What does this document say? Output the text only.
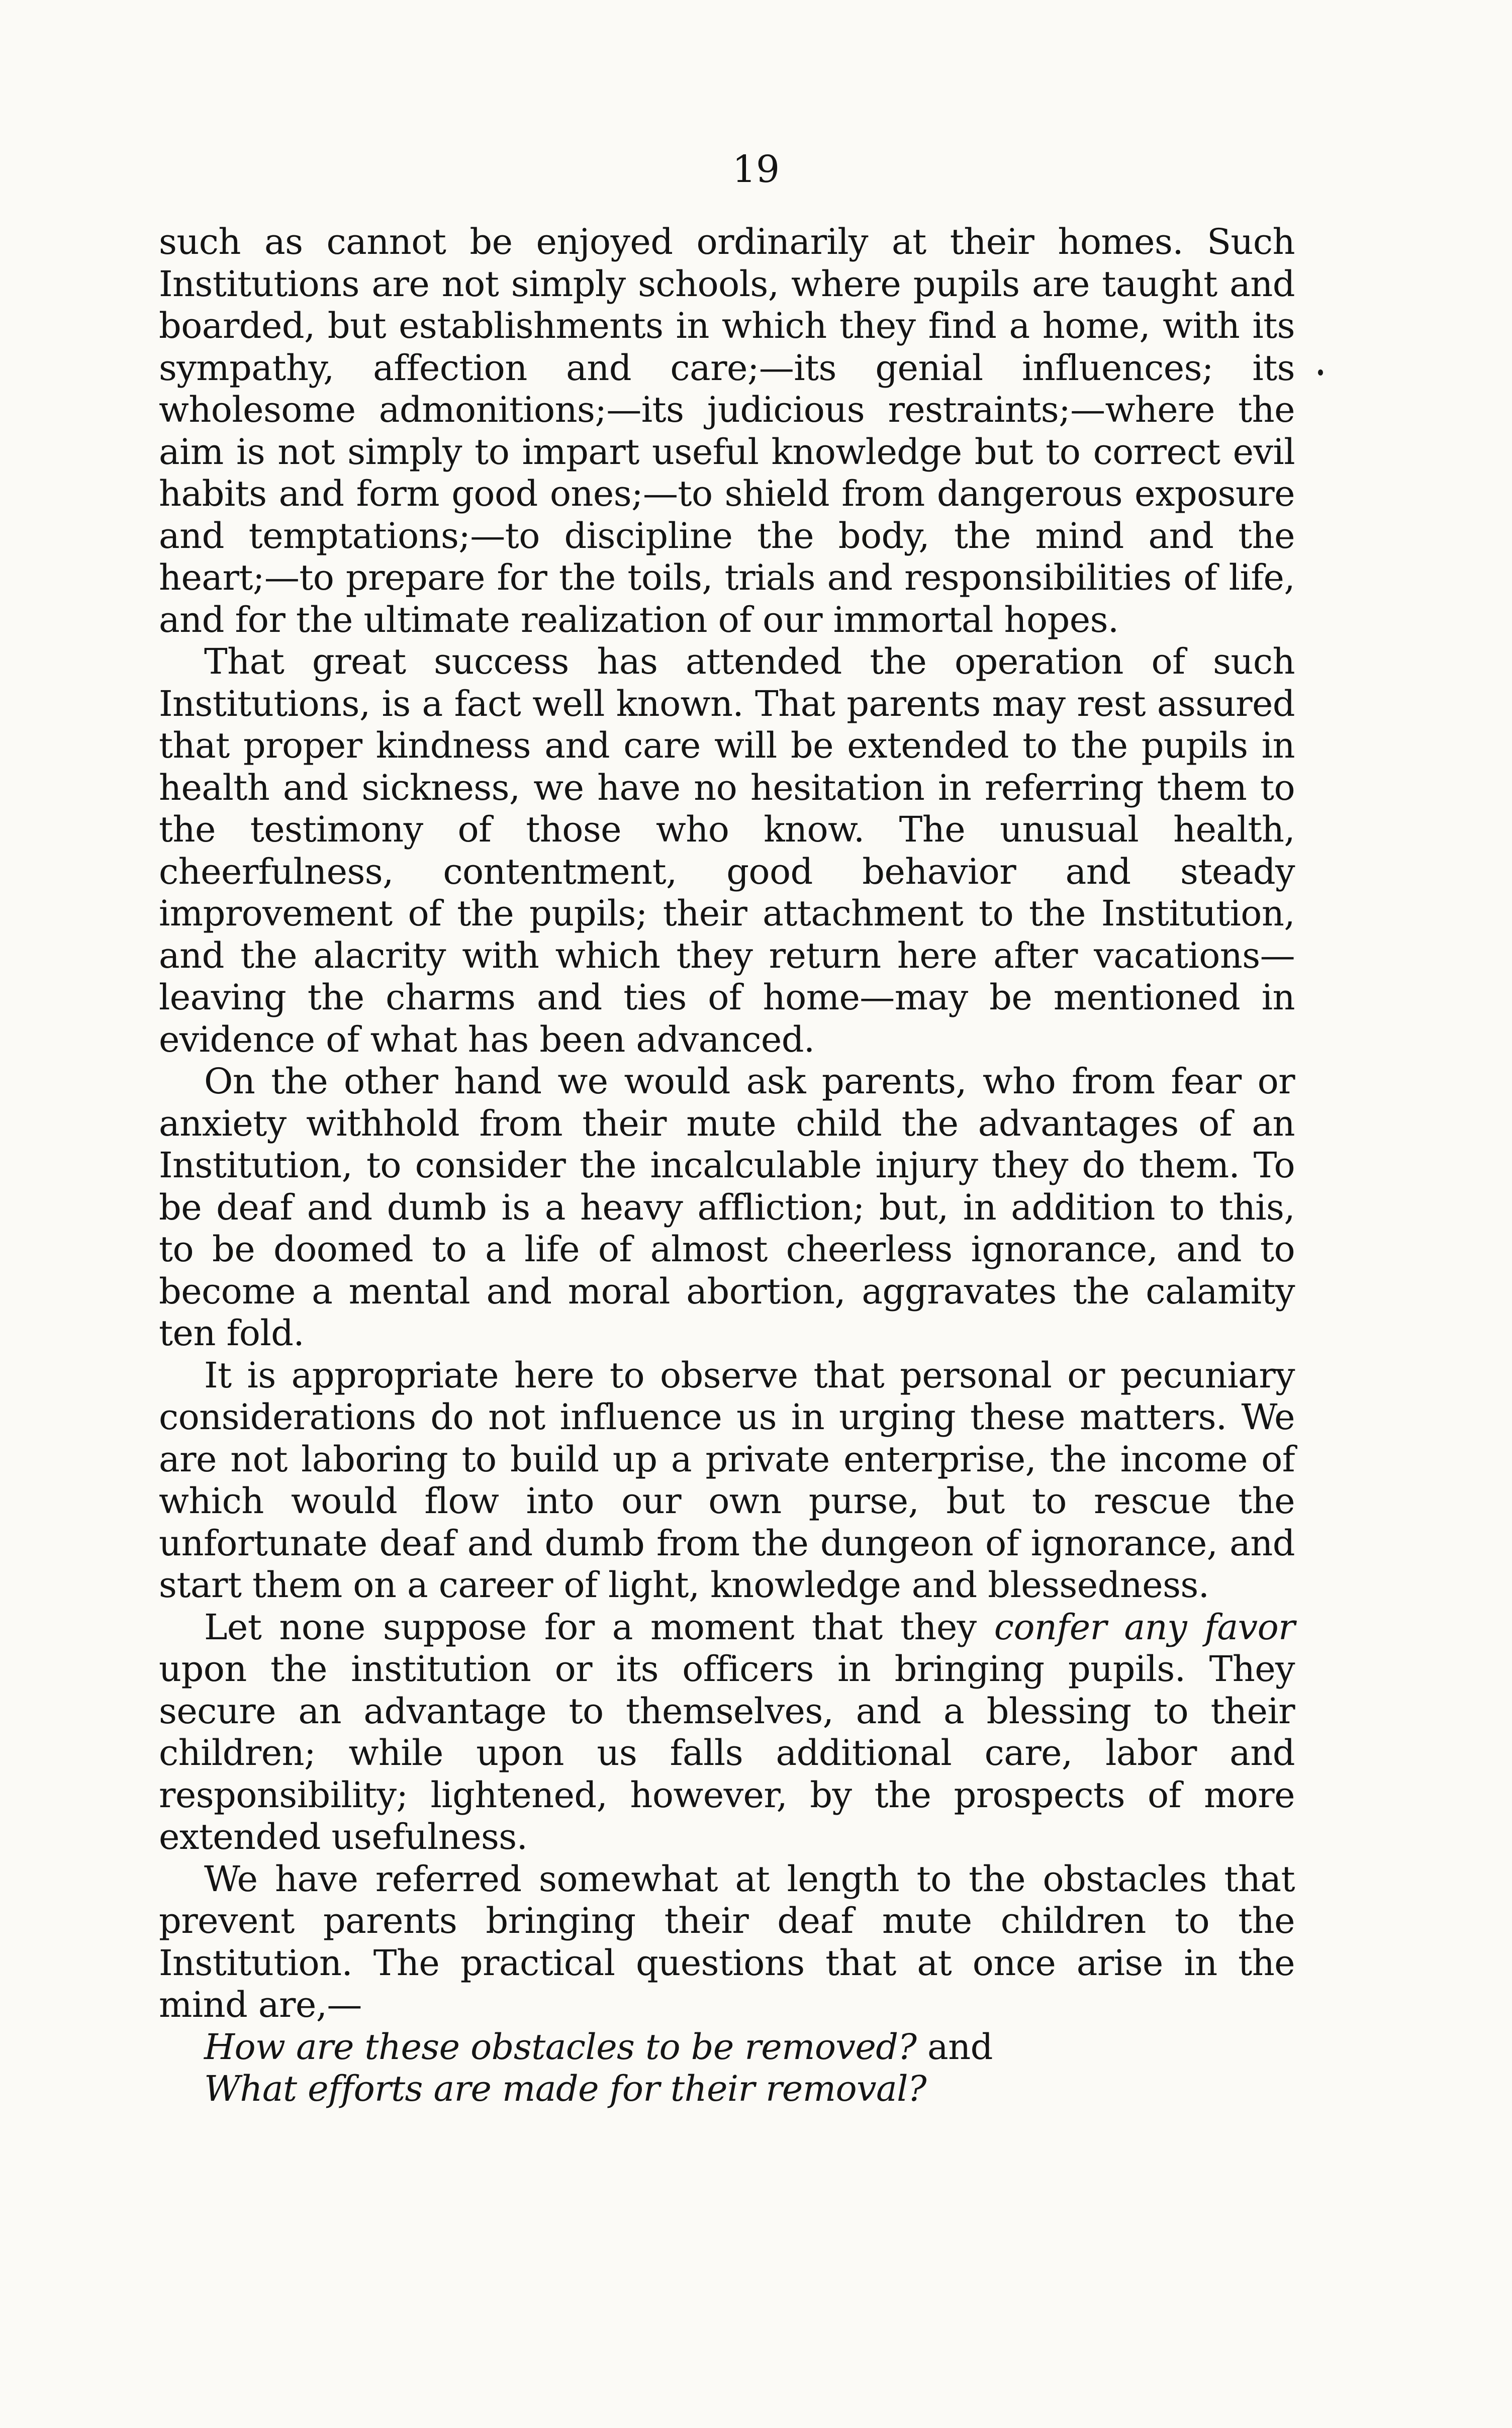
19

such as cannot be enjoyed ordinarily at their homes. Such Institutions are not simply schools, where pupils are taught and boarded, but establishments in which they find a home, with its sympathy, affection and care;—its genial influences; its wholesome admonitions;—its judicious restraints;—where the aim is not simply to impart useful knowledge but to correct evil habits and form good ones;—to shield from dangerous exposure and temptations;—to discipline the body, the mind and the heart;—to prepare for the toils, trials and responsibilities of life, and for the ultimate realization of our immortal hopes.

That great success has attended the operation of such Institutions, is a fact well known. That parents may rest assured that proper kindness and care will be extended to the pupils in health and sickness, we have no hesitation in referring them to the testimony of those who know. The unusual health, cheerfulness, contentment, good behavior and steady improvement of the pupils; their attachment to the Institution, and the alacrity with which they return here after vacations—leaving the charms and ties of home—may be mentioned in evidence of what has been advanced.

On the other hand we would ask parents, who from fear or anxiety withhold from their mute child the advantages of an Institution, to consider the incalculable injury they do them. To be deaf and dumb is a heavy affliction; but, in addition to this, to be doomed to a life of almost cheerless ignorance, and to become a mental and moral abortion, aggravates the calamity ten fold.

It is appropriate here to observe that personal or pecuniary considerations do not influence us in urging these matters. We are not laboring to build up a private enterprise, the income of which would flow into our own purse, but to rescue the unfortunate deaf and dumb from the dungeon of ignorance, and start them on a career of light, knowledge and blessedness.

Let none suppose for a moment that they confer any favor upon the institution or its officers in bringing pupils. They secure an advantage to themselves, and a blessing to their children; while upon us falls additional care, labor and responsibility; lightened, however, by the prospects of more extended usefulness.

We have referred somewhat at length to the obstacles that prevent parents bringing their deaf mute children to the Institution. The practical questions that at once arise in the mind are,—

How are these obstacles to be removed? and

What efforts are made for their removal?
